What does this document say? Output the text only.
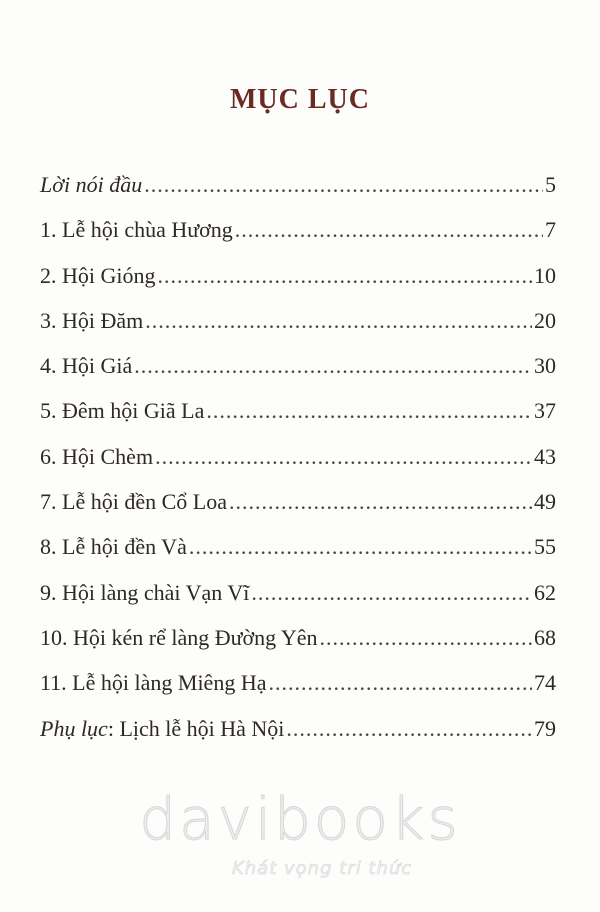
MỤC LỤC
Lời nói đầu .....	5
1. Lễ hội chùa Hương .....	7
2. Hội Gióng .....	10
3. Hội Đăm .....	20
4. Hội Giá .....	30
5. Đêm hội Giã La .....	37
6. Hội Chèm .....	43
7. Lễ hội đền Cổ Loa .....	49
8. Lễ hội đền Và .....	55
9. Hội làng chài Vạn Vĩ .....	62
10. Hội kén rể làng Đường Yên .....	68
11. Lễ hội làng Miêng Hạ .....	74
Phụ lục: Lịch lễ hội Hà Nội .....	79
davibooks
Khát vọng tri thức
